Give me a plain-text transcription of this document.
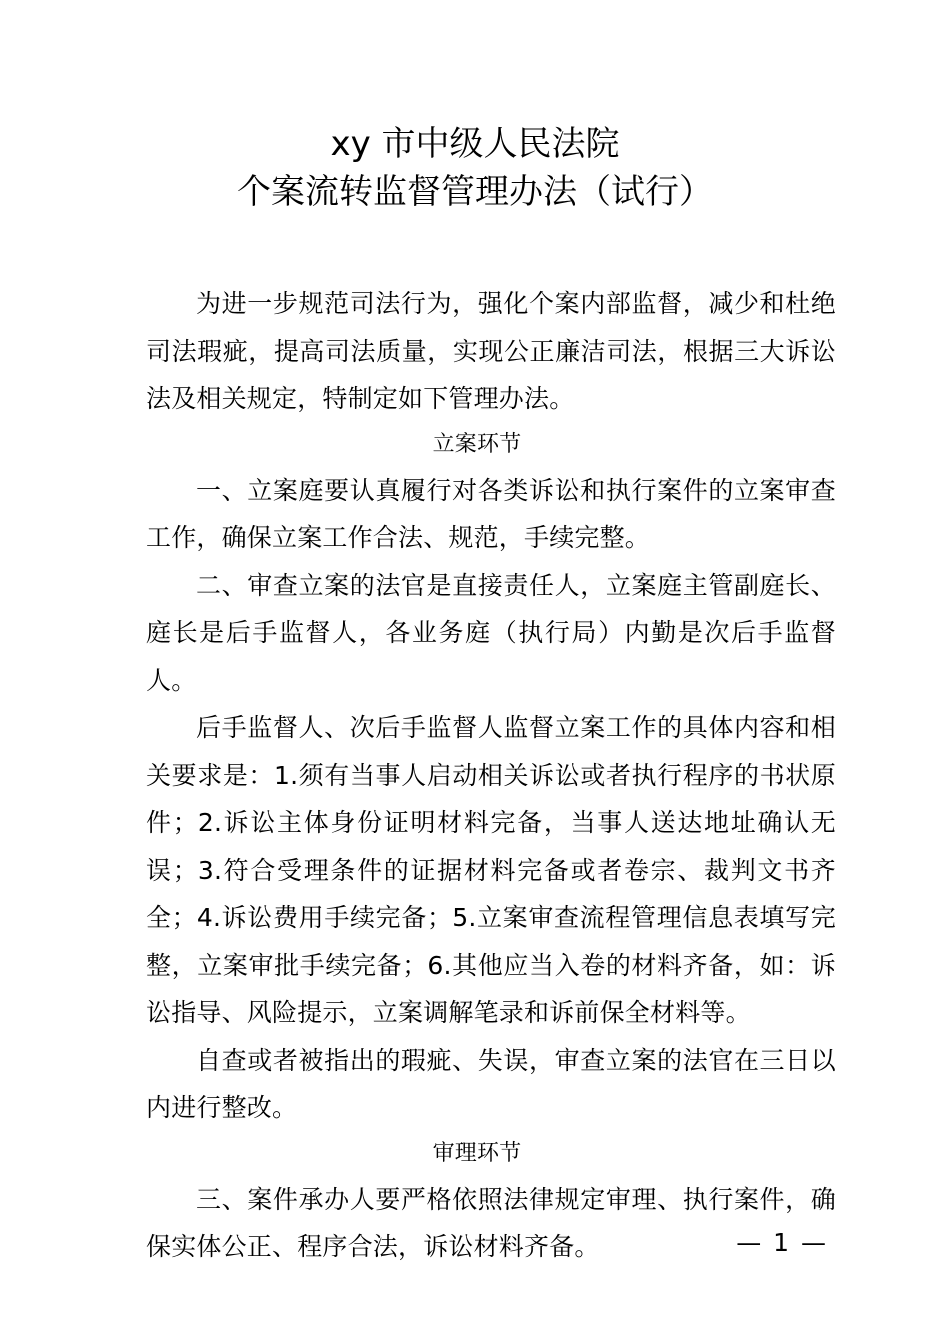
xy 市中级人民法院
个案流转监督管理办法（试行）

为进一步规范司法行为，强化个案内部监督，减少和杜绝司法瑕疵，提高司法质量，实现公正廉洁司法，根据三大诉讼法及相关规定，特制定如下管理办法。

立案环节

一、立案庭要认真履行对各类诉讼和执行案件的立案审查工作，确保立案工作合法、规范，手续完整。

二、审查立案的法官是直接责任人，立案庭主管副庭长、庭长是后手监督人，各业务庭（执行局）内勤是次后手监督人。

后手监督人、次后手监督人监督立案工作的具体内容和相关要求是：1.须有当事人启动相关诉讼或者执行程序的书状原件；2.诉讼主体身份证明材料完备，当事人送达地址确认无误；3.符合受理条件的证据材料完备或者卷宗、裁判文书齐全；4.诉讼费用手续完备；5.立案审查流程管理信息表填写完整，立案审批手续完备；6.其他应当入卷的材料齐备，如：诉讼指导、风险提示，立案调解笔录和诉前保全材料等。

自查或者被指出的瑕疵、失误，审查立案的法官在三日以内进行整改。

审理环节

三、案件承办人要严格依照法律规定审理、执行案件，确保实体公正、程序合法，诉讼材料齐备。	— 1 —
